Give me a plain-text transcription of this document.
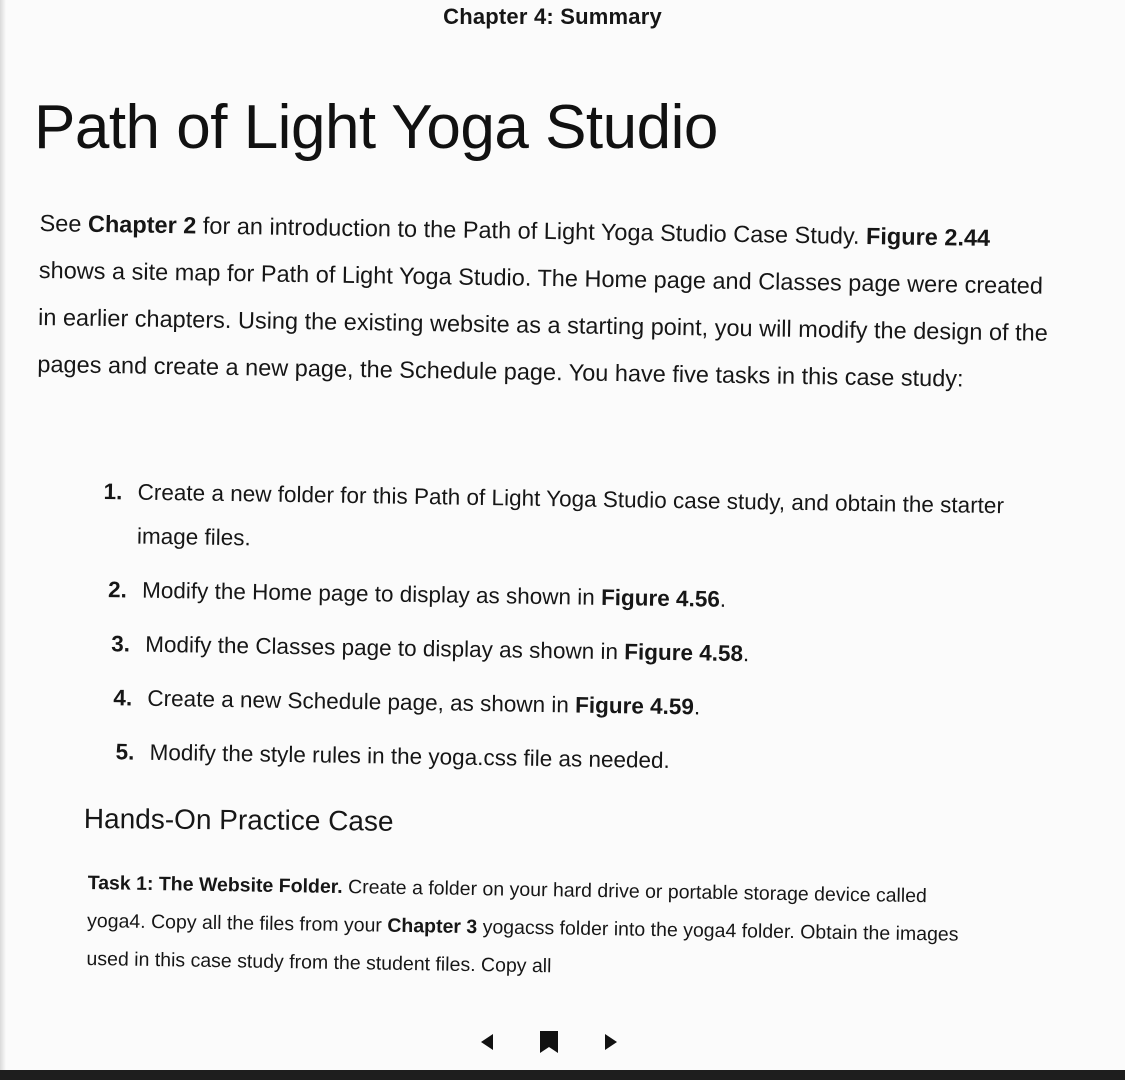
Chapter 4: Summary
Path of Light Yoga Studio

See Chapter 2 for an introduction to the Path of Light Yoga Studio Case Study. Figure 2.44 shows a site map for Path of Light Yoga Studio. The Home page and Classes page were created in earlier chapters. Using the existing website as a starting point, you will modify the design of the pages and create a new page, the Schedule page. You have five tasks in this case study:

1. Create a new folder for this Path of Light Yoga Studio case study, and obtain the starter image files.
2. Modify the Home page to display as shown in Figure 4.56.
3. Modify the Classes page to display as shown in Figure 4.58.
4. Create a new Schedule page, as shown in Figure 4.59.
5. Modify the style rules in the yoga.css file as needed.
Hands-On Practice Case

Task 1: The Website Folder. Create a folder on your hard drive or portable storage device called yoga4. Copy all the files from your Chapter 3 yogacss folder into the yoga4 folder. Obtain the images used in this case study from the student files. Copy all
